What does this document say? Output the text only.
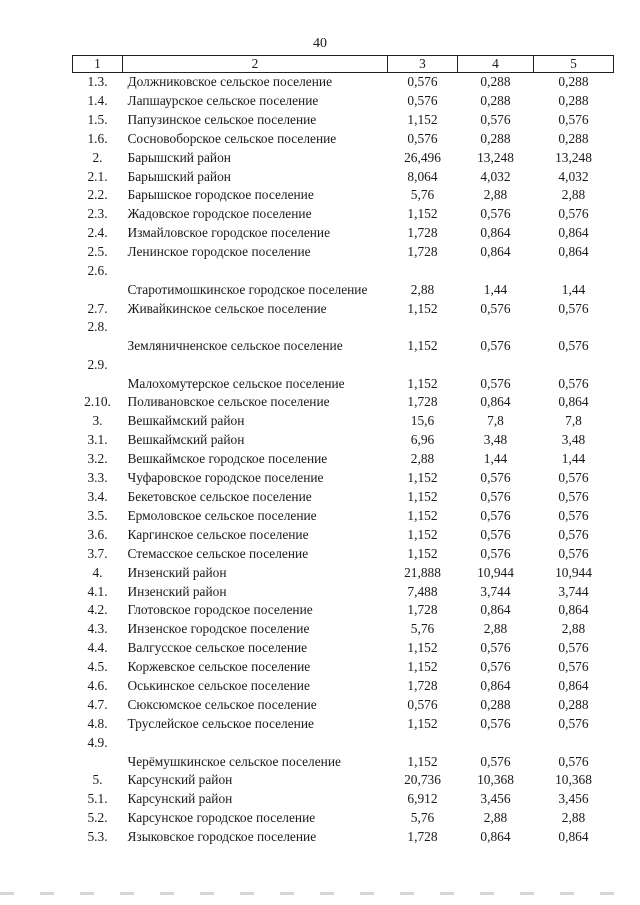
40
1	2	3	4	5
1.3.	Должниковское сельское поселение	0,576	0,288	0,288
1.4.	Лапшаурское сельское поселение	0,576	0,288	0,288
1.5.	Папузинское сельское поселение	1,152	0,576	0,576
1.6.	Сосновоборское сельское поселение	0,576	0,288	0,288
2.	Барышский район	26,496	13,248	13,248
2.1.	Барышский район	8,064	4,032	4,032
2.2.	Барышское городское поселение	5,76	2,88	2,88
2.3.	Жадовское городское поселение	1,152	0,576	0,576
2.4.	Измайловское городское поселение	1,728	0,864	0,864
2.5.	Ленинское городское поселение	1,728	0,864	0,864
2.6.	Старотимошкинское городское поселение	2,88	1,44	1,44
2.7.	Живайкинское сельское поселение	1,152	0,576	0,576
2.8.	Земляничненское сельское поселение	1,152	0,576	0,576
2.9.	Малохомутерское сельское поселение	1,152	0,576	0,576
2.10.	Поливановское сельское поселение	1,728	0,864	0,864
3.	Вешкаймский район	15,6	7,8	7,8
3.1.	Вешкаймский район	6,96	3,48	3,48
3.2.	Вешкаймское городское поселение	2,88	1,44	1,44
3.3.	Чуфаровское городское поселение	1,152	0,576	0,576
3.4.	Бекетовское сельское поселение	1,152	0,576	0,576
3.5.	Ермоловское сельское поселение	1,152	0,576	0,576
3.6.	Каргинское сельское поселение	1,152	0,576	0,576
3.7.	Стемасское сельское поселение	1,152	0,576	0,576
4.	Инзенский район	21,888	10,944	10,944
4.1.	Инзенский район	7,488	3,744	3,744
4.2.	Глотовское городское поселение	1,728	0,864	0,864
4.3.	Инзенское городское поселение	5,76	2,88	2,88
4.4.	Валгусское сельское поселение	1,152	0,576	0,576
4.5.	Коржевское сельское поселение	1,152	0,576	0,576
4.6.	Оськинское сельское поселение	1,728	0,864	0,864
4.7.	Сюксюмское сельское поселение	0,576	0,288	0,288
4.8.	Труслейское сельское поселение	1,152	0,576	0,576
4.9.	Черёмушкинское сельское поселение	1,152	0,576	0,576
5.	Карсунский район	20,736	10,368	10,368
5.1.	Карсунский район	6,912	3,456	3,456
5.2.	Карсунское городское поселение	5,76	2,88	2,88
5.3.	Языковское городское поселение	1,728	0,864	0,864
